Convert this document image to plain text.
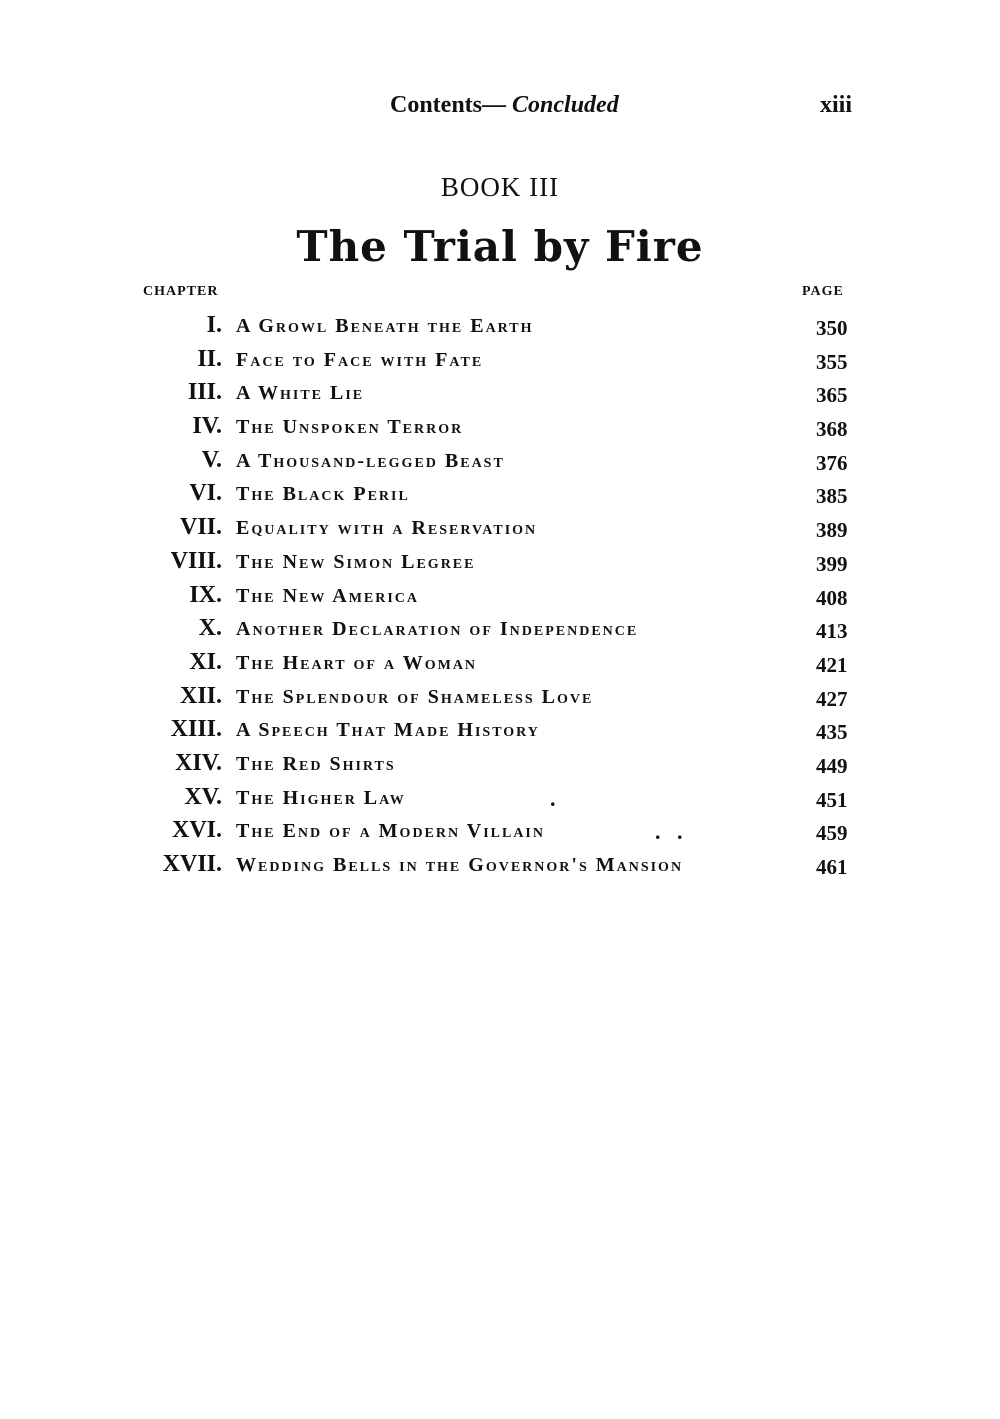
Contents— Concluded	xiii
BOOK III
The Trial by Fire
CHAPTER	PAGE
I. A Growl Beneath the Earth	350
II. Face to Face with Fate	355
III. A White Lie	365
IV. The Unspoken Terror	368
V. A Thousand-legged Beast	376
VI. The Black Peril	385
VII. Equality with a Reservation	389
VIII. The New Simon Legree	399
IX. The New America	408
X. Another Declaration of Independence	413
XI. The Heart of a Woman	421
XII. The Splendour of Shameless Love	427
XIII. A Speech That Made History	435
XIV. The Red Shirts	449
XV. The Higher Law	.	451
XVI. The End of a Modern Villain	.   .	459
XVII. Wedding Bells in the Governor's Mansion	461
